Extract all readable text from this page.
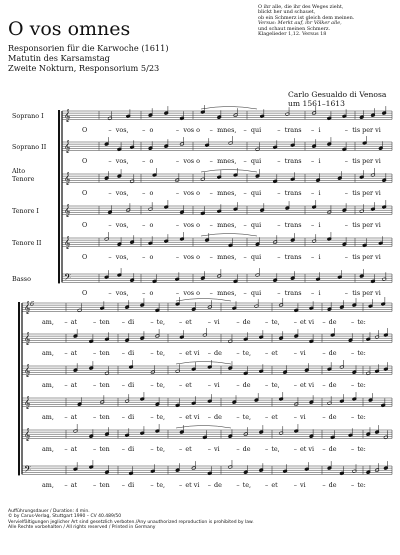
𝄞
𝄞
𝄞
𝄞
𝄞
𝄢
𝄞
𝄞
𝄞
𝄞
𝄞
𝄢
O vos omnes
Responsorien für die Karwoche (1611)
Matutin des Karsamstag
Zweite Nokturn, Responsorium 5/23
O ihr alle, die ihr des Weges zieht,
blickt her und schauet,
ob ein Schmerz ist gleich dem meinen.
Versus: Merkt auf, ihr Völker alle,
und schaut meinen Schmerz.
Klagelieder 1,12. Versus 18
Carlo Gesualdo di Venosa
um 1561–1613
Soprano I
Soprano II
Alto
Tenore
Tenore I
Tenore II
Basso
O	– vos, – o	– vos o – mnes, – qui	– trans – i	– tis per vi
O	– vos, – o	– vos o – mnes, – qui	– trans – i	– tis per vi
O	– vos, – o	– vos o – mnes, – qui	– trans – i	– tis per vi
O	– vos, – o	– vos o – mnes, – qui	– trans – i	– tis per vi
O	– vos, – o	– vos o – mnes, – qui	– trans – i	– tis per vi
O	– vos, – o	– vos o – mnes, – qui	– trans – i	– tis per vi
am, – at – ten – di	– te, – et	– vi	– de – te, – et vi – de – te:
am, – at – ten – di	– te, – et vi – de – te, – et	– vi	– de – te:
am, – at – ten – di	– te, – et	– vi	– de – te, – et vi – de – te:
am, – at – ten – di	– te, – et vi – de – te, – et	– vi	– de – te:
am, – at – ten – di	– te, – et	– vi	– de – te, – et vi – de – te:
am, – at – ten – di	– te, – et vi – de – te, – et	– vi	– de – te:
6
Aufführungsdauer / Duration: 4 min.
© by Carus-Verlag, Stuttgart 1990 – CV 40.489/50
Vervielfältigungen jeglicher Art sind gesetzlich verboten./Any unauthorized reproduction is prohibited by law.
Alle Rechte vorbehalten / All rights reserved / Printed in Germany
